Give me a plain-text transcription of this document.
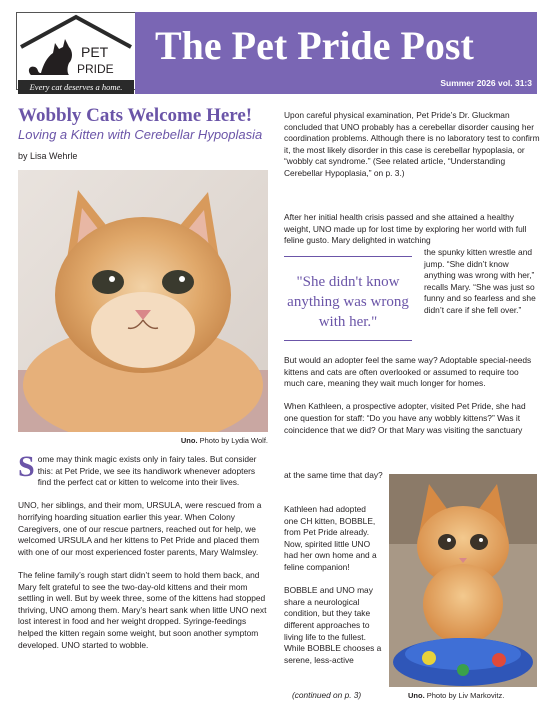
PET
PRIDE
Every cat deserves a home.
The Pet Pride Post
Summer 2026 vol. 31:3
Wobbly Cats Welcome Here!
Loving a Kitten with Cerebellar Hypoplasia
by Lisa Wehrle
Uno. Photo by Lydia Wolf.

Some may think magic exists only in fairy tales. But consider this: at Pet Pride, we see its handiwork whenever adopters find the perfect cat or kitten to welcome into their lives.

UNO, her siblings, and their mom, URSULA, were rescued from a horrifying hoarding situation earlier this year. When Colony Caregivers, one of our rescue partners, reached out for help, we welcomed URSULA and her kittens to Pet Pride and placed them with one of our most experienced foster parents, Mary Walmsley.

The feline family’s rough start didn’t seem to hold them back, and Mary felt grateful to see the two-day-old kittens and their mom settling in well. But by week three, some of the kittens had stopped thriving, UNO among them. Mary’s heart sank when little UNO next lost interest in food and her weight dropped. Syringe-feedings helped the kitten regain some weight, but soon another symptom developed. UNO started to wobble.

Upon careful physical examination, Pet Pride’s Dr. Gluckman concluded that UNO probably has a cerebellar disorder causing her coordination problems. Although there is no laboratory test to confirm it, the most likely disorder in this case is cerebellar hypoplasia, or “wobbly cat syndrome.” (See related article, “Understanding Cerebellar Hypoplasia,” on p. 3.)
After her initial health crisis passed and she attained a healthy weight, UNO made up for lost time by exploring her world with full feline gusto. Mary delighted in watching
"She didn't know anything was wrong with her."
the spunky kitten wrestle and jump. “She didn’t know anything was wrong with her,” recalls Mary. “She was just so funny and so fearless and she didn’t care if she fell over.”

But would an adopter feel the same way? Adoptable special-needs kittens and cats are often overlooked or assumed to require too much care, meaning they wait much longer for homes.

When Kathleen, a prospective adopter, visited Pet Pride, she had one question for staff: “Do you have any wobbly kittens?” Was it coincidence that we did? Or that Mary was visiting the sanctuary

at the same time that day?

Kathleen had adopted one CH kitten, BOBBLE, from Pet Pride already. Now, spirited little UNO had her own home and a feline companion!

BOBBLE and UNO may share a neurological condition, but they take different approaches to living life to the fullest. While BOBBLE chooses a serene, less-active

(continued on p. 3)	Uno. Photo by Liv Markovitz.
